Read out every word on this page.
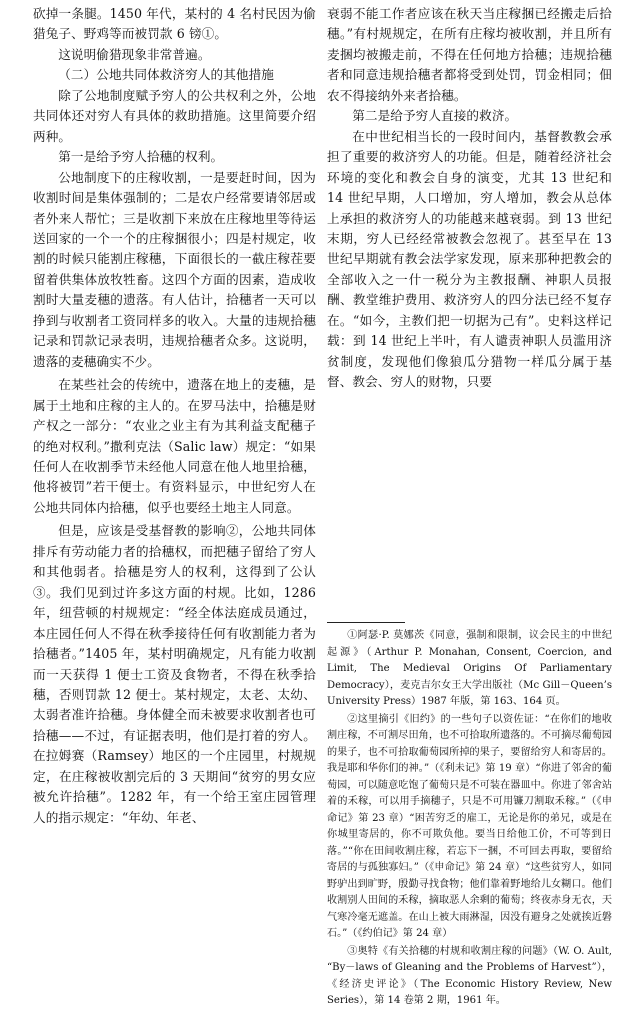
砍掉一条腿。1450 年代，某村的 4 名村民因为偷猎兔子、野鸡等而被罚款 6 镑①。

这说明偷猎现象非常普遍。

（二）公地共同体救济穷人的其他措施

除了公地制度赋予穷人的公共权利之外，公地共同体还对穷人有具体的救助措施。这里简要介绍两种。

第一是给予穷人拾穗的权利。

公地制度下的庄稼收割，一是要赶时间，因为收割时间是集体强制的；二是农户经常要请邻居或者外来人帮忙；三是收割下来放在庄稼地里等待运送回家的一个一个的庄稼捆很小；四是村规定，收割的时候只能割庄稼穗，下面很长的一截庄稼茬要留着供集体放牧牲畜。这四个方面的因素，造成收割时大量麦穗的遗落。有人估计，拾穗者一天可以挣到与收割者工资同样多的收入。大量的违规拾穗记录和罚款记录表明，违规拾穗者众多。这说明，遗落的麦穗确实不少。

在某些社会的传统中，遗落在地上的麦穗，是属于土地和庄稼的主人的。在罗马法中，拾穗是财产权之一部分：“农业之业主有为其利益支配穗子的绝对权利。”撒利克法（Salic law）规定：“如果任何人在收割季节未经他人同意在他人地里拾穗，他将被罚”若干便士。有资料显示，中世纪穷人在公地共同体内拾穗，似乎也要经土地主人同意。

但是，应该是受基督教的影响②，公地共同体排斥有劳动能力者的拾穗权，而把穗子留给了穷人和其他弱者。拾穗是穷人的权利，这得到了公认③。我们见到过许多这方面的村规。比如，1286 年，纽营顿的村规规定：“经全体法庭成员通过，本庄园任何人不得在秋季接待任何有收割能力者为拾穗者。”1405 年，某村明确规定，凡有能力收割而一天获得 1 便士工资及食物者，不得在秋季拾穗，否则罚款 12 便士。某村规定，太老、太幼、太弱者准许拾穗。身体健全而未被要求收割者也可拾穗——不过，有证据表明，他们是打着的穷人。在拉姆赛（Ramsey）地区的一个庄园里，村规规定，在庄稼被收割完后的 3 天期间“贫穷的男女应被允许拾穗”。1282 年，有一个给王室庄园管理人的指示规定：“年幼、年老、

衰弱不能工作者应该在秋天当庄稼捆已经搬走后拾穗。”有村规规定，在所有庄稼均被收割，并且所有麦捆均被搬走前，不得在任何地方拾穗；违规拾穗者和同意违规拾穗者都将受到处罚，罚金相同；佃农不得接纳外来者拾穗。

第二是给予穷人直接的救济。

在中世纪相当长的一段时间内，基督教教会承担了重要的救济穷人的功能。但是，随着经济社会环境的变化和教会自身的演变，尤其 13 世纪和 14 世纪早期，人口增加，穷人增加，教会从总体上承担的救济穷人的功能越来越衰弱。到 13 世纪末期，穷人已经经常被教会忽视了。甚至早在 13 世纪早期就有教会法学家发现，原来那种把教会的全部收入之一什一税分为主教报酬、神职人员报酬、教堂维护费用、救济穷人的四分法已经不复存在。“如今，主教们把一切据为己有”。史料这样记载：到 14 世纪上半叶，有人谴责神职人员滥用济贫制度，发现他们像狼瓜分猎物一样瓜分属于基督、教会、穷人的财物，只要

①阿瑟·P. 莫娜茨《同意，强制和限制，议会民主的中世纪起源》（Arthur P. Monahan, Consent, Coercion, and Limit, The Medieval Origins Of Parliamentary Democracy），麦克吉尔女王大学出版社（Mc Gill－Queen’s University Press）1987 年版，第 163、164 页。

②这里摘引《旧约》的一些句子以资佐证：“在你们的地收割庄稼，不可割尽田角，也不可拾取所遗落的。不可摘尽葡萄园的果子，也不可拾取葡萄园所掉的果子，要留给穷人和寄居的。我是耶和华你们的神。”（《利未记》第 19 章）“你进了邻舍的葡萄园，可以随意吃饱了葡萄只是不可装在器皿中。你进了邻舍站着的禾稼，可以用手摘穗子，只是不可用镰刀割取禾稼。”（《申命记》第 23 章）“困苦穷乏的雇工，无论是你的弟兄，或是在你城里寄居的，你不可欺负他。要当日给他工价，不可等到日落。”“你在田间收割庄稼，若忘下一捆，不可回去再取，要留给寄居的与孤独寡妇。”（《申命记》第 24 章）“这些贫穷人，如同野驴出到旷野，殷勤寻找食物；他们靠着野地给儿女糊口。他们收割别人田间的禾稼，摘取恶人余剩的葡萄；终夜赤身无衣，天气寒冷毫无遮盖。在山上被大雨淋湿，因没有避身之处就挨近磐石。”（《约伯记》第 24 章）

③奥特《有关拾穗的村规和收割庄稼的问题》（W. O. Ault, “By－laws of Gleaning and the Problems of Harvest”），《经济史评论》（The Economic History Review, New Series），第 14 卷第 2 期，1961 年。
